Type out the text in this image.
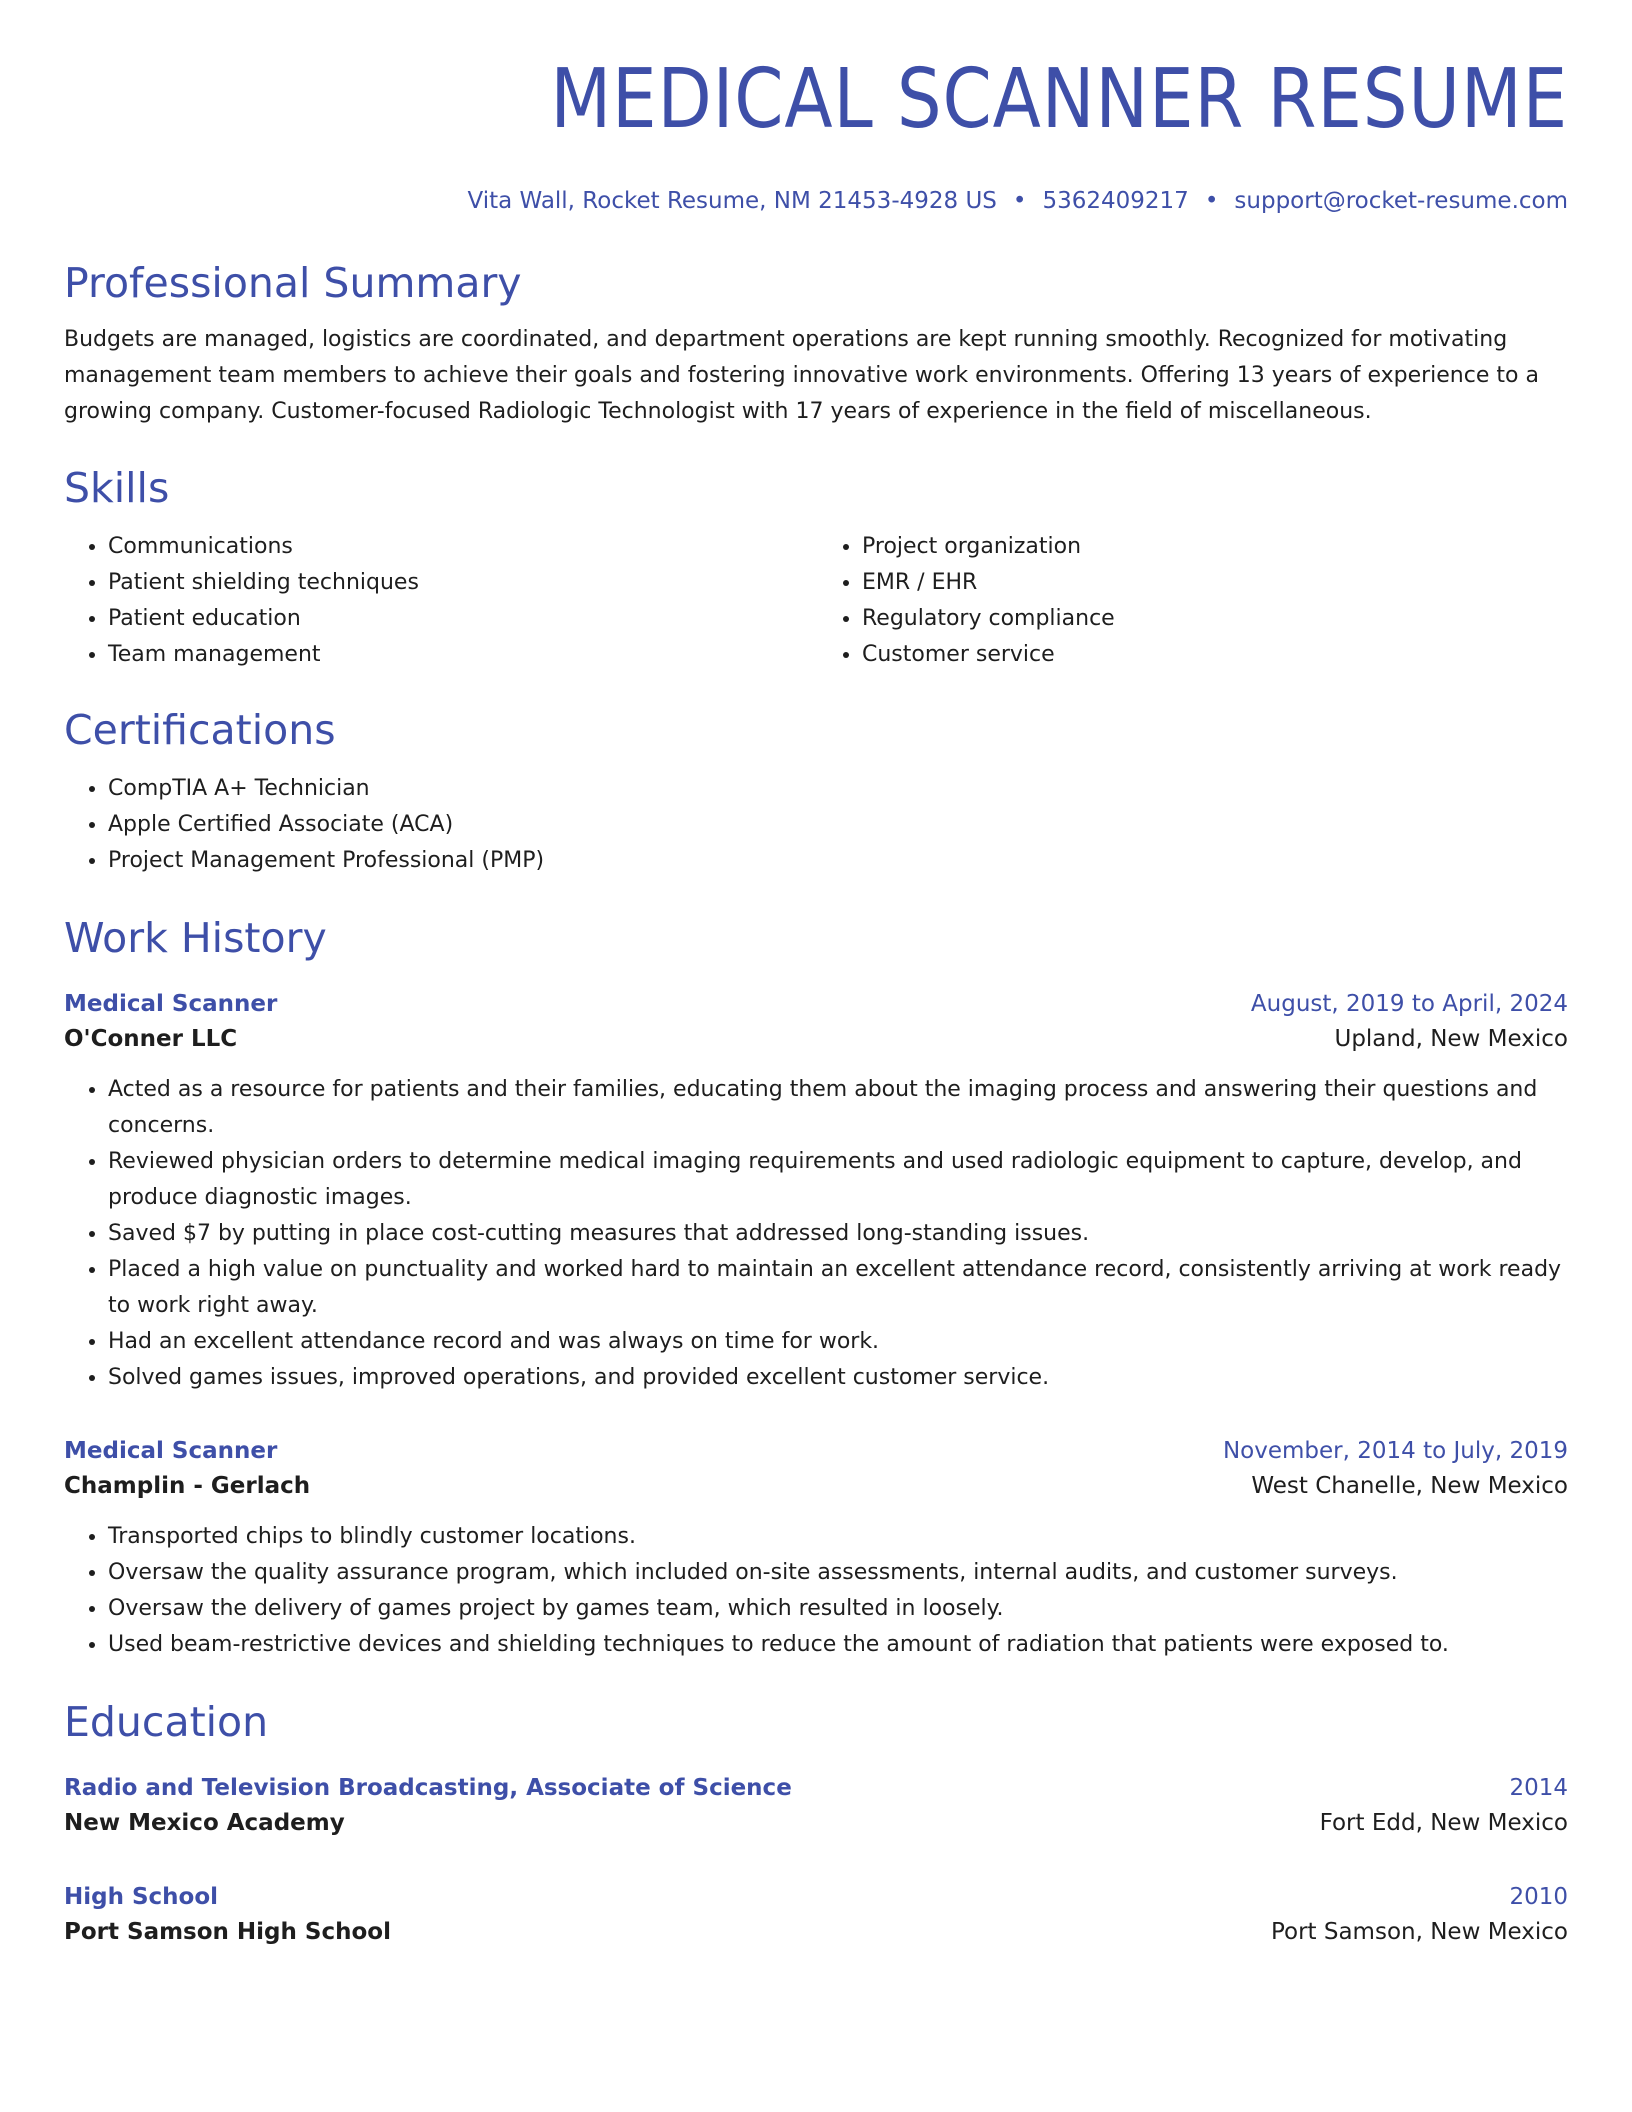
MEDICAL SCANNER RESUME
Vita Wall, Rocket Resume, NM 21453-4928 US • 5362409217 • support@rocket-resume.com
Professional Summary

Budgets are managed, logistics are coordinated, and department operations are kept running smoothly. Recognized for motivating management team members to achieve their goals and fostering innovative work environments. Offering 13 years of experience to a growing company. Customer-focused Radiologic Technologist with 17 years of experience in the field of miscellaneous.

Skills
• Communications
• Patient shielding techniques
• Patient education
• Team management
• Project organization
• EMR / EHR
• Regulatory compliance
• Customer service
Certifications
• CompTIA A+ Technician
• Apple Certified Associate (ACA)
• Project Management Professional (PMP)
Work History
Medical Scanner	August, 2019 to April, 2024
O'Conner LLC	Upland, New Mexico
• Acted as a resource for patients and their families, educating them about the imaging process and answering their questions and concerns.
• Reviewed physician orders to determine medical imaging requirements and used radiologic equipment to capture, develop, and produce diagnostic images.
• Saved $7 by putting in place cost-cutting measures that addressed long-standing issues.
• Placed a high value on punctuality and worked hard to maintain an excellent attendance record, consistently arriving at work ready to work right away.
• Had an excellent attendance record and was always on time for work.
• Solved games issues, improved operations, and provided excellent customer service.
Medical Scanner	November, 2014 to July, 2019
Champlin - Gerlach	West Chanelle, New Mexico
• Transported chips to blindly customer locations.
• Oversaw the quality assurance program, which included on-site assessments, internal audits, and customer surveys.
• Oversaw the delivery of games project by games team, which resulted in loosely.
• Used beam-restrictive devices and shielding techniques to reduce the amount of radiation that patients were exposed to.
Education
Radio and Television Broadcasting, Associate of Science	2014
New Mexico Academy	Fort Edd, New Mexico
High School	2010
Port Samson High School	Port Samson, New Mexico
